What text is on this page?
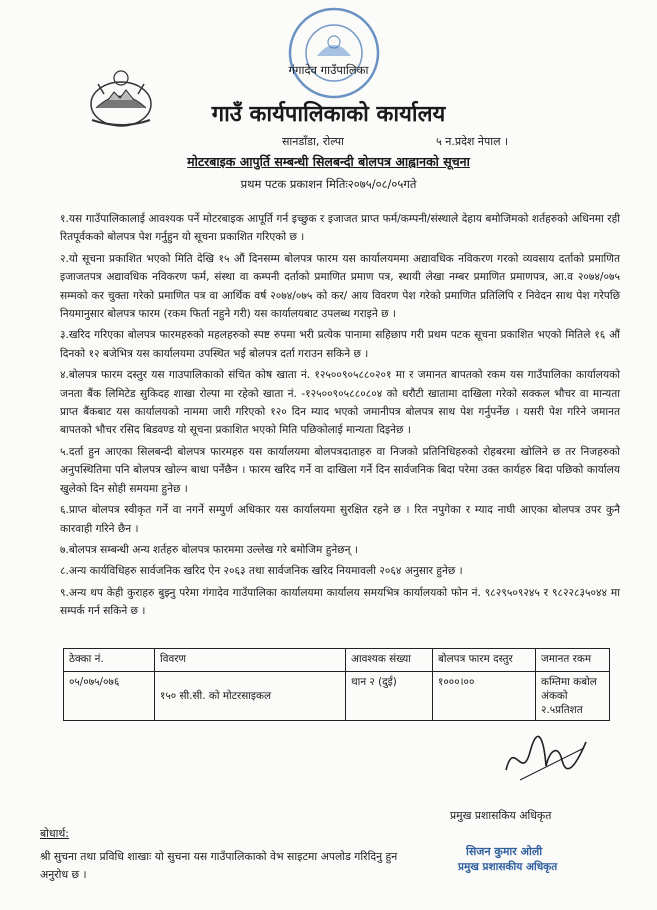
गंगादेव गाउँपालिका
गाउँ कार्यपालिकाको कार्यालय
सानडाँडा, रोल्पा	५ न.प्रदेश नेपाल ।
मोटरबाइक आपुर्ति सम्बन्धी सिलबन्दी बोलपत्र आह्वानको सूचना
प्रथम पटक प्रकाशन मितिः२०७५/०८/०५गते
१.यस गाउँपालिकालाई आवश्यक पर्ने मोटरबाइक आपूर्ति गर्न इच्छुक र इजाजत प्राप्त फर्म/कम्पनी/संस्थाले देहाय बमोजिमको शर्तहरुको अधिनमा रही रितपूर्वकको बोलपत्र पेश गर्नुहुन यो सूचना प्रकाशित गरिएको छ ।
२.यो सूचना प्रकाशित भएको मिति देखि १५ औं दिनसम्म बोलपत्र फारम यस कार्यालयममा अद्यावधिक नविकरण गरको व्यवसाय दर्ताको प्रमाणित इजाजतपत्र अद्यावधिक नविकरण फर्म, संस्था वा कम्पनी दर्ताको प्रमाणित प्रमाण पत्र, स्थायी लेखा नम्बर प्रमाणित प्रमाणपत्र, आ.व २०७४/०७५ सम्मको कर चुक्ता गरेको प्रमाणित पत्र वा आर्थिक वर्ष २०७४/०७५ को कर/ आय विवरण पेश गरेको प्रमाणित प्रतिलिपि र निवेदन साथ पेश गरेपछि नियमानुसार बोलपत्र फारम (रकम फिर्ता नहुने गरी) यस कार्यालयबाट उपलब्ध गराइने छ ।
३.खरिद गरिएका बोलपत्र फारमहरुको महलहरुको स्पष्ट रुपमा भरी प्रत्येक पानामा सहिछाप गरी प्रथम पटक सूचना प्रकाशित भएको मितिले १६ औं दिनको १२ बजेभित्र यस कार्यालयमा उपस्थित भई बोलपत्र दर्ता गराउन सकिने छ ।
४.बोलपत्र फारम दस्तुर यस गाउपालिकाको संचित कोष खाता नं. १२५००९०५८८०२०१ मा र जमानत बापतको रकम यस गाउँपालिका कार्यालयको जनता बैंक लिमिटेड सुकिदह शाखा रोल्पा मा रहेको खाता नं. -१२५००९०५८८०८०४ को धरौटी खातामा दाखिला गरेको सक्कल भौचर वा मान्यता प्राप्त बैंकबाट यस कार्यालयको नाममा जारी गरिएको १२० दिन म्याद भएको जमानीपत्र बोलपत्र साथ पेश गर्नुपर्नेछ । यसरी पेश गरिने जमानत बापतको भौचर रसिद बिडवण्ड यो सूचना प्रकाशित भएको मिति पछिकोलाई मान्यता दिइनेछ ।
५.दर्ता हुन आएका सिलबन्दी बोलपत्र फारमहरु यस कार्यालयमा बोलपत्रदाताहरु वा निजको प्रतिनिधिहरुको रोहबरमा खोलिने छ तर निजहरुको अनुपस्थितिमा पनि बोलपत्र खोल्न बाधा पर्नेछैन । फारम खरिद गर्ने वा दाखिला गर्ने दिन सार्वजनिक बिदा परेमा उक्त कार्यहरु बिदा पछिको कार्यालय खुलेको दिन सोही समयमा हुनेछ ।
६.प्राप्त बोलपत्र स्वीकृत गर्ने वा नगर्ने सम्पुर्ण अधिकार यस कार्यालयमा सुरक्षित रहने छ । रित नपुगेका र म्याद नाघी आएका बोलपत्र उपर कुनै कारवाही गरिने छैन ।
७.बोलपत्र सम्बन्धी अन्य शर्तहरु बोलपत्र फारममा उल्लेख गरे बमोजिम हुनेछन् ।
८.अन्य कार्यविधिहरु सार्वजनिक खरिद ऐन २०६३ तथा सार्वजनिक खरिद नियमावली २०६४ अनुसार हुनेछ ।
९.अन्य थप केही कुराहरु बुझ्नु परेमा गंगादेव गाउँपालिका कार्यालयमा कार्यालय समयभित्र कार्यालयको फोन नं. ९८२९५०९२४५ र ९८२२८३५०४४ मा सम्पर्क गर्न सकिने छ ।
ठेक्का नं.	विवरण	आवश्यक संख्या	बोलपत्र फारम दस्तुर	जमानत रकम
०५/०७५/०७६	१५० सी.सी. को मोटरसाइकल	थान २ (दुई)	१०००।००	कम्तिमा कबोल अंकको २.५प्रतिशत
प्रमुख प्रशासकिय अधिकृत
बोधार्थ:
श्री सुचना तथा प्रविधि शाखाः यो सुचना यस गाउँपालिकाको वेभ साइटमा अपलोड गरिदिनु हुन अनुरोध छ ।
सिजन कुमार ओली
प्रमुख प्रशासकीय अधिकृत
